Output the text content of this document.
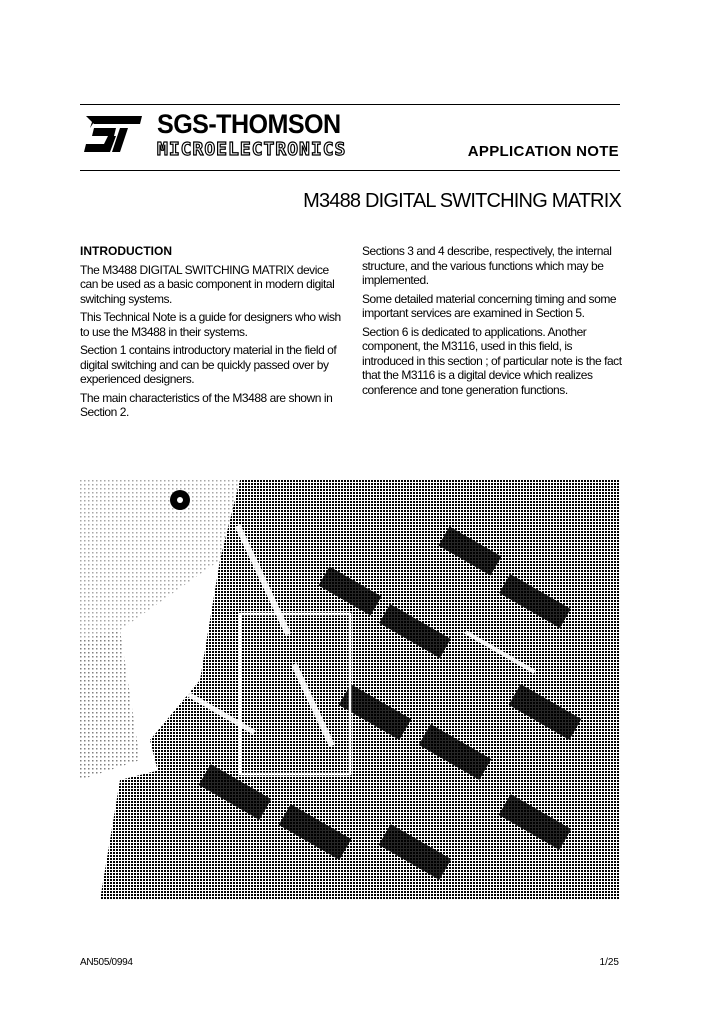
SGS-THOMSON
MICROELECTRONICS	APPLICATION NOTE
M3488 DIGITAL SWITCHING MATRIX
INTRODUCTION

The M3488 DIGITAL SWITCHING MATRIX device can be used as a basic component in modern digital switching systems.

This Technical Note is a guide for designers who wish to use the M3488 in their systems.

Section 1 contains introductory material in the field of digital switching and can be quickly passed over by experienced designers.

The main characteristics of the M3488 are shown in Section 2.

Sections 3 and 4 describe, respectively, the internal structure, and the various functions which may be implemented.

Some detailed material concerning timing and some important services are examined in Section 5.

Section 6 is dedicated to applications. Another component, the M3116, used in this field, is introduced in this section ; of particular note is the fact that the M3116 is a digital device which realizes conference and tone generation functions.

AN505/0994	1/25
